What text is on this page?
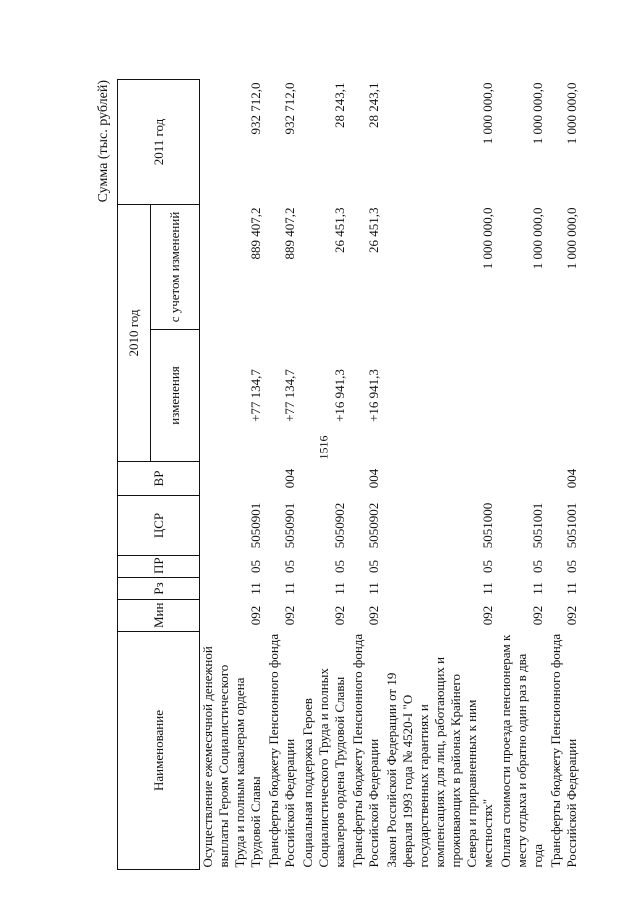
1516
Сумма (тыс. рублей)
Наименование	Мин	Рз	ПР	ЦСР	ВР	2010 год		2011 год
						изменения	с учетом изменений	
Осуществление ежемесячной денежной выплаты Героям Социалистического Труда и полным кавалерам ордена Трудовой Славы	092	11	05	5050901		+77 134,7	889 407,2	932 712,0
Трансферты бюджету Пенсионного фонда Российской Федерации	092	11	05	5050901	004	+77 134,7	889 407,2	932 712,0
Социальная поддержка Героев Социалистического Труда и полных кавалеров ордена Трудовой Славы	092	11	05	5050902		+16 941,3	26 451,3	28 243,1
Трансферты бюджету Пенсионного фонда Российской Федерации	092	11	05	5050902	004	+16 941,3	26 451,3	28 243,1
Закон Российской Федерации от 19 февраля 1993 года № 4520-I "О государственных гарантиях и компенсациях для лиц, работающих и проживающих в районах Крайнего Севера и приравненных к ним местностях"	092	11	05	5051000			1 000 000,0	1 000 000,0
Оплата стоимости проезда пенсионерам к месту отдыха и обратно один раз в два года	092	11	05	5051001			1 000 000,0	1 000 000,0
Трансферты бюджету Пенсионного фонда Российской Федерации	092	11	05	5051001	004		1 000 000,0	1 000 000,0
